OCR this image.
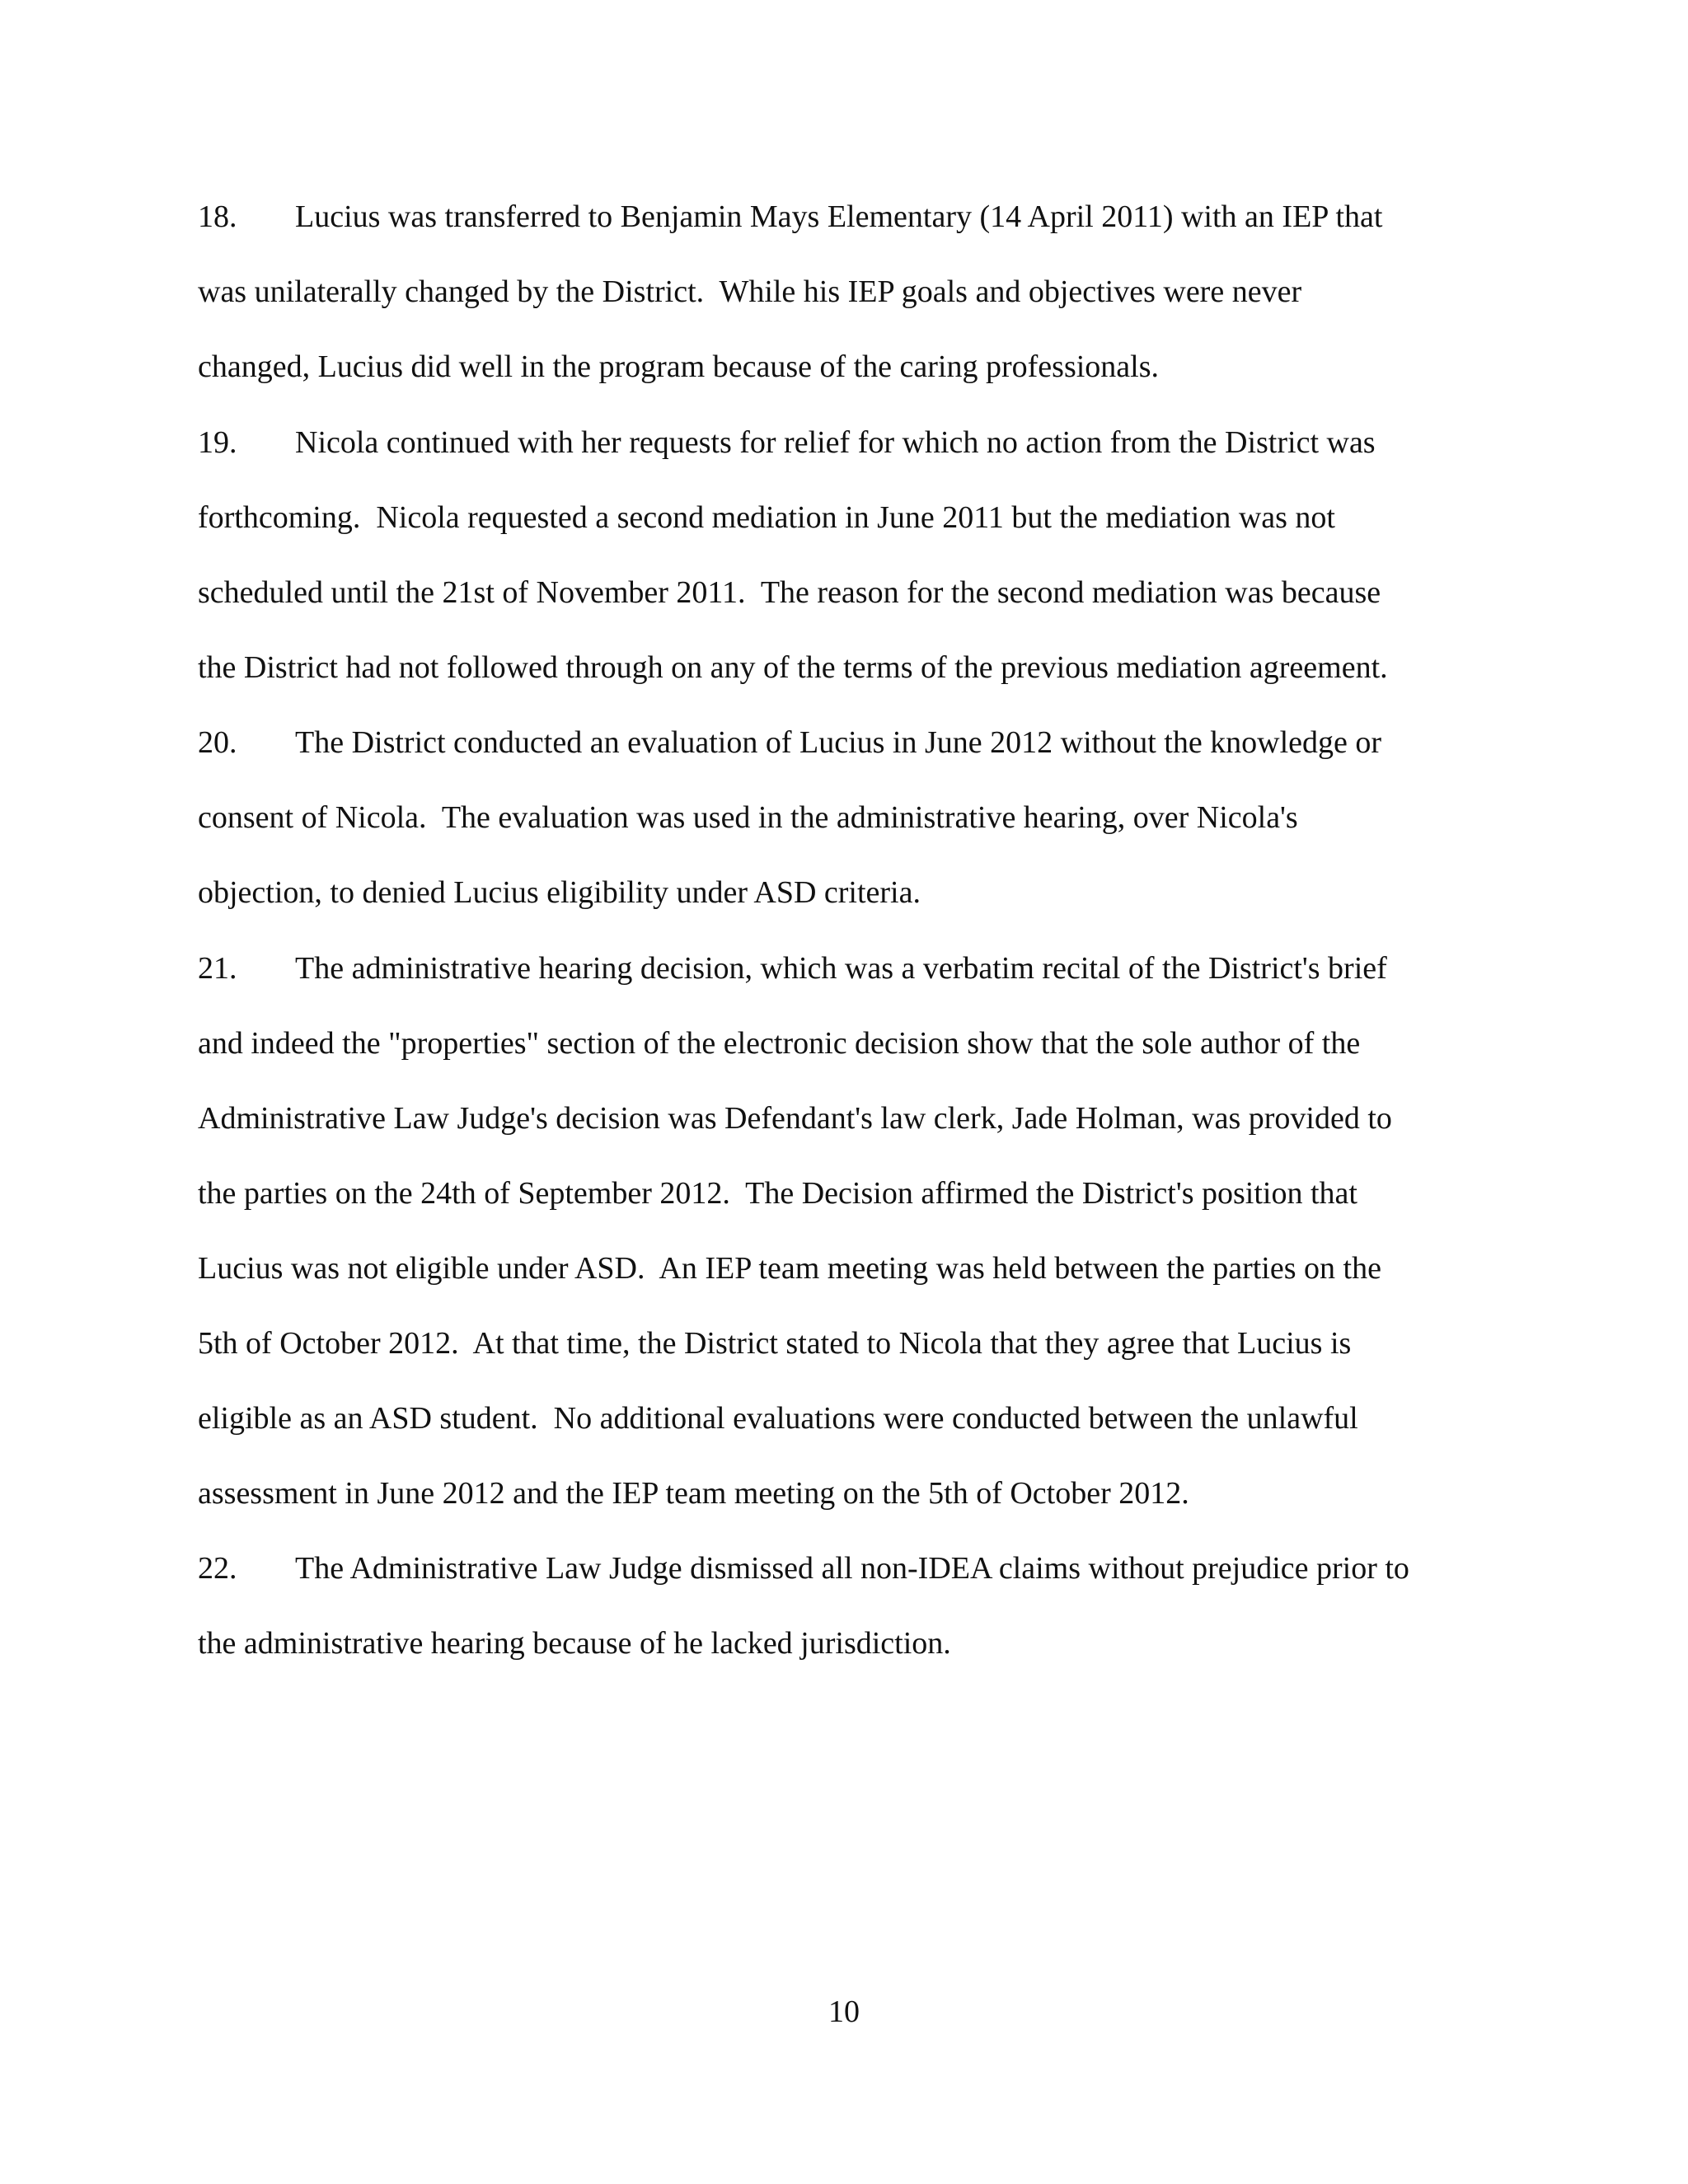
18. Lucius was transferred to Benjamin Mays Elementary (14 April 2011) with an IEP that
was unilaterally changed by the District.  While his IEP goals and objectives were never
changed, Lucius did well in the program because of the caring professionals.
19. Nicola continued with her requests for relief for which no action from the District was
forthcoming.  Nicola requested a second mediation in June 2011 but the mediation was not
scheduled until the 21st of November 2011.  The reason for the second mediation was because
the District had not followed through on any of the terms of the previous mediation agreement.
20. The District conducted an evaluation of Lucius in June 2012 without the knowledge or
consent of Nicola.  The evaluation was used in the administrative hearing, over Nicola's
objection, to denied Lucius eligibility under ASD criteria.
21. The administrative hearing decision, which was a verbatim recital of the District's brief
and indeed the "properties" section of the electronic decision show that the sole author of the
Administrative Law Judge's decision was Defendant's law clerk, Jade Holman, was provided to
the parties on the 24th of September 2012.  The Decision affirmed the District's position that
Lucius was not eligible under ASD.  An IEP team meeting was held between the parties on the
5th of October 2012.  At that time, the District stated to Nicola that they agree that Lucius is
eligible as an ASD student.  No additional evaluations were conducted between the unlawful
assessment in June 2012 and the IEP team meeting on the 5th of October 2012.
22. The Administrative Law Judge dismissed all non-IDEA claims without prejudice prior to
the administrative hearing because of he lacked jurisdiction.
10
